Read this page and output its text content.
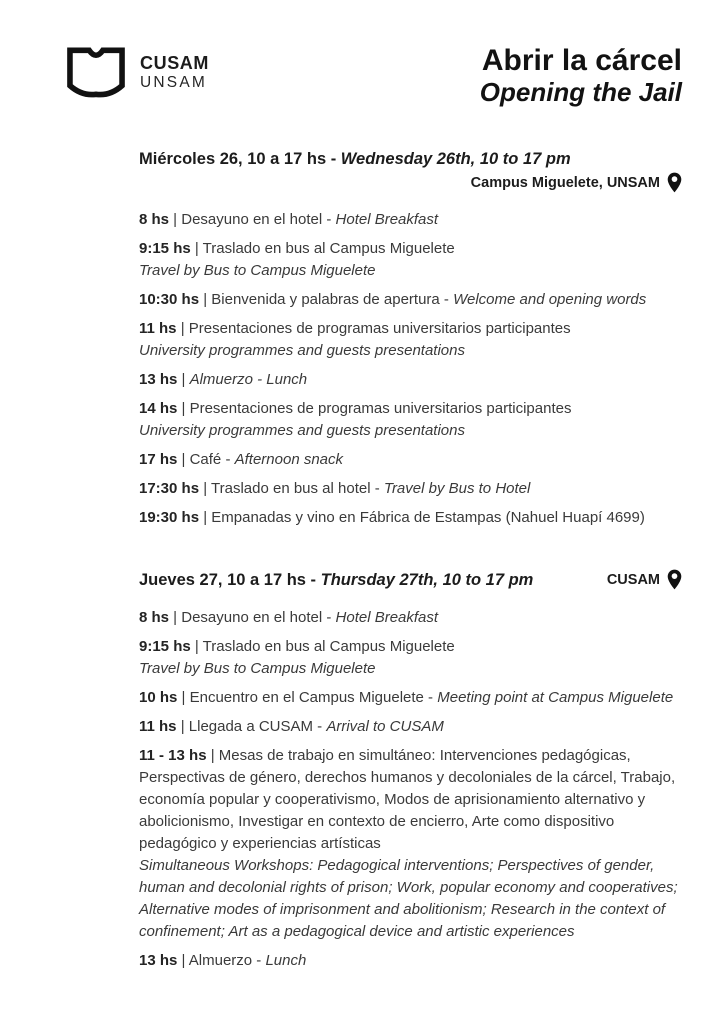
CUSAM
UNSAM
Abrir la cárcel
Opening the Jail
Miércoles 26, 10 a 17 hs - Wednesday 26th, 10 to 17 pm
Campus Miguelete, UNSAM
8 hs | Desayuno en el hotel - Hotel Breakfast
9:15 hs | Traslado en bus al Campus Miguelete
Travel by Bus to Campus Miguelete
10:30 hs | Bienvenida y palabras de apertura - Welcome and opening words
11 hs | Presentaciones de programas universitarios participantes
University programmes and guests presentations
13 hs | Almuerzo - Lunch
14 hs | Presentaciones de programas universitarios participantes
University programmes and guests presentations
17 hs | Café - Afternoon snack
17:30 hs | Traslado en bus al hotel - Travel by Bus to Hotel
19:30 hs | Empanadas y vino en Fábrica de Estampas (Nahuel Huapí 4699)
Jueves 27, 10 a 17 hs - Thursday 27th, 10 to 17 pm	CUSAM
8 hs | Desayuno en el hotel - Hotel Breakfast
9:15 hs | Traslado en bus al Campus Miguelete
Travel by Bus to Campus Miguelete
10 hs | Encuentro en el Campus Miguelete - Meeting point at Campus Miguelete
11 hs | Llegada a CUSAM - Arrival to CUSAM
11 - 13 hs | Mesas de trabajo en simultáneo: Intervenciones pedagógicas, Perspectivas de género, derechos humanos y decoloniales de la cárcel, Trabajo, economía popular y cooperativismo, Modos de aprisionamiento alternativo y abolicionismo, Investigar en contexto de encierro, Arte como dispositivo pedagógico y experiencias artísticas
Simultaneous Workshops: Pedagogical interventions; Perspectives of gender, human and decolonial rights of prison; Work, popular economy and cooperatives; Alternative modes of imprisonment and abolitionism; Research in the context of confinement; Art as a pedagogical device and artistic experiences
13 hs | Almuerzo - Lunch
